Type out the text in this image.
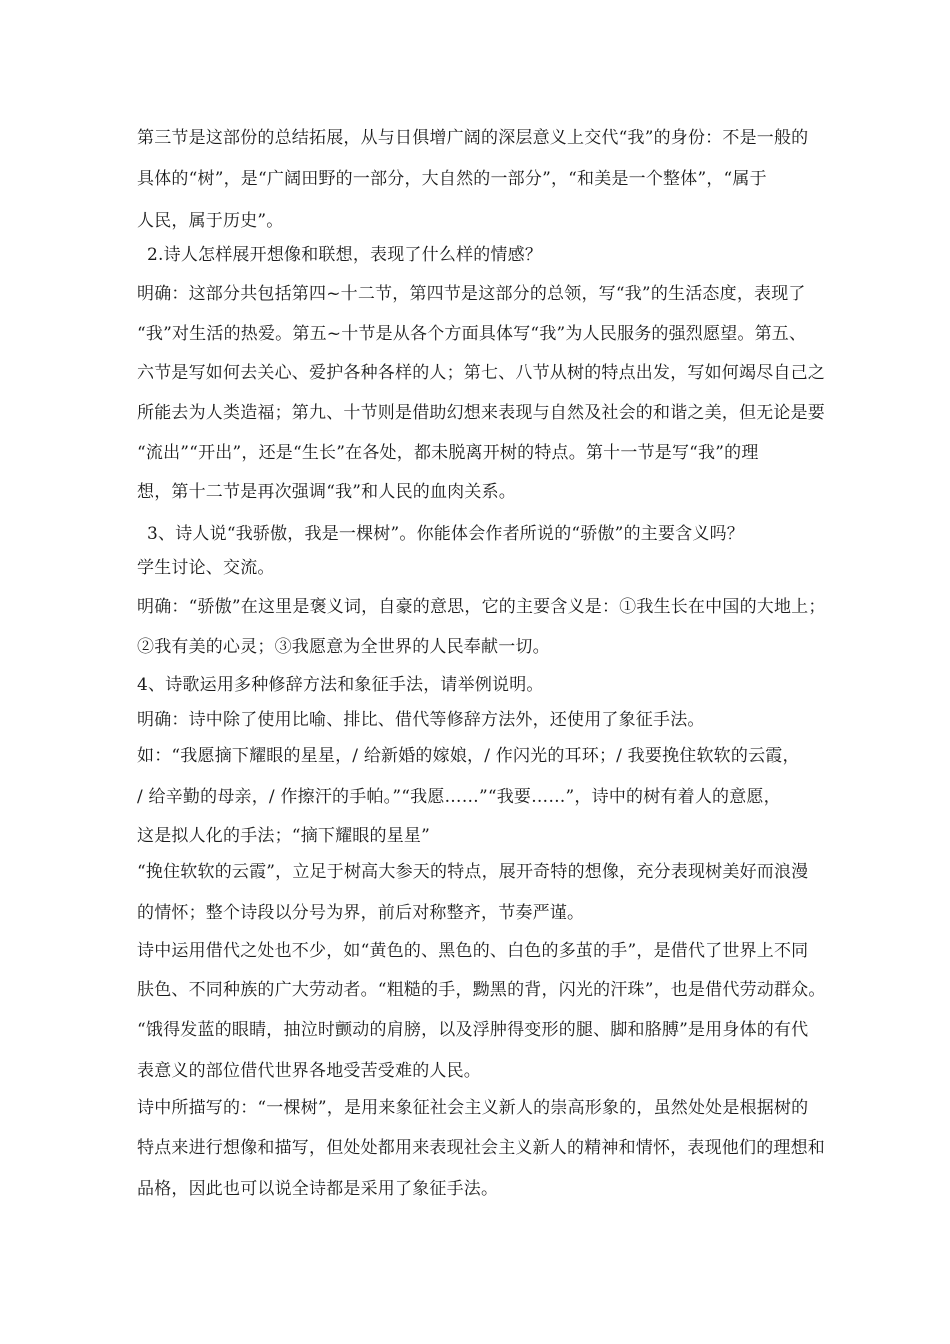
第三节是这部份的总结拓展，从与日俱增广阔的深层意义上交代“我”的身份：不是一般的
具体的“树”，是“广阔田野的一部分，大自然的一部分”，“和美是一个整体”，“属于
人民，属于历史”。
2.诗人怎样展开想像和联想，表现了什么样的情感？
明确：这部分共包括第四~十二节，第四节是这部分的总领，写“我”的生活态度，表现了
“我”对生活的热爱。第五~十节是从各个方面具体写“我”为人民服务的强烈愿望。第五、
六节是写如何去关心、爱护各种各样的人；第七、八节从树的特点出发，写如何竭尽自己之
所能去为人类造福；第九、十节则是借助幻想来表现与自然及社会的和谐之美，但无论是要
“流出”“开出”，还是“生长”在各处，都未脱离开树的特点。第十一节是写“我”的理
想，第十二节是再次强调“我”和人民的血肉关系。
3、诗人说“我骄傲，我是一棵树”。你能体会作者所说的“骄傲”的主要含义吗？
学生讨论、交流。
明确：“骄傲”在这里是褒义词，自豪的意思，它的主要含义是：①我生长在中国的大地上；
②我有美的心灵；③我愿意为全世界的人民奉献一切。
4、诗歌运用多种修辞方法和象征手法，请举例说明。
明确：诗中除了使用比喻、排比、借代等修辞方法外，还使用了象征手法。
如：“我愿摘下耀眼的星星，/ 给新婚的嫁娘，/ 作闪光的耳环；/ 我要挽住软软的云霞，
/ 给辛勤的母亲，/ 作擦汗的手帕。”“我愿……”“我要……”，诗中的树有着人的意愿，
这是拟人化的手法；“摘下耀眼的星星”
“挽住软软的云霞”，立足于树高大参天的特点，展开奇特的想像，充分表现树美好而浪漫
的情怀；整个诗段以分号为界，前后对称整齐，节奏严谨。
诗中运用借代之处也不少，如“黄色的、黑色的、白色的多茧的手”，是借代了世界上不同
肤色、不同种族的广大劳动者。“粗糙的手，黝黑的背，闪光的汗珠”，也是借代劳动群众。
“饿得发蓝的眼睛，抽泣时颤动的肩膀，以及浮肿得变形的腿、脚和胳膊”是用身体的有代
表意义的部位借代世界各地受苦受难的人民。
诗中所描写的：“一棵树”，是用来象征社会主义新人的崇高形象的，虽然处处是根据树的
特点来进行想像和描写，但处处都用来表现社会主义新人的精神和情怀，表现他们的理想和
品格，因此也可以说全诗都是采用了象征手法。
